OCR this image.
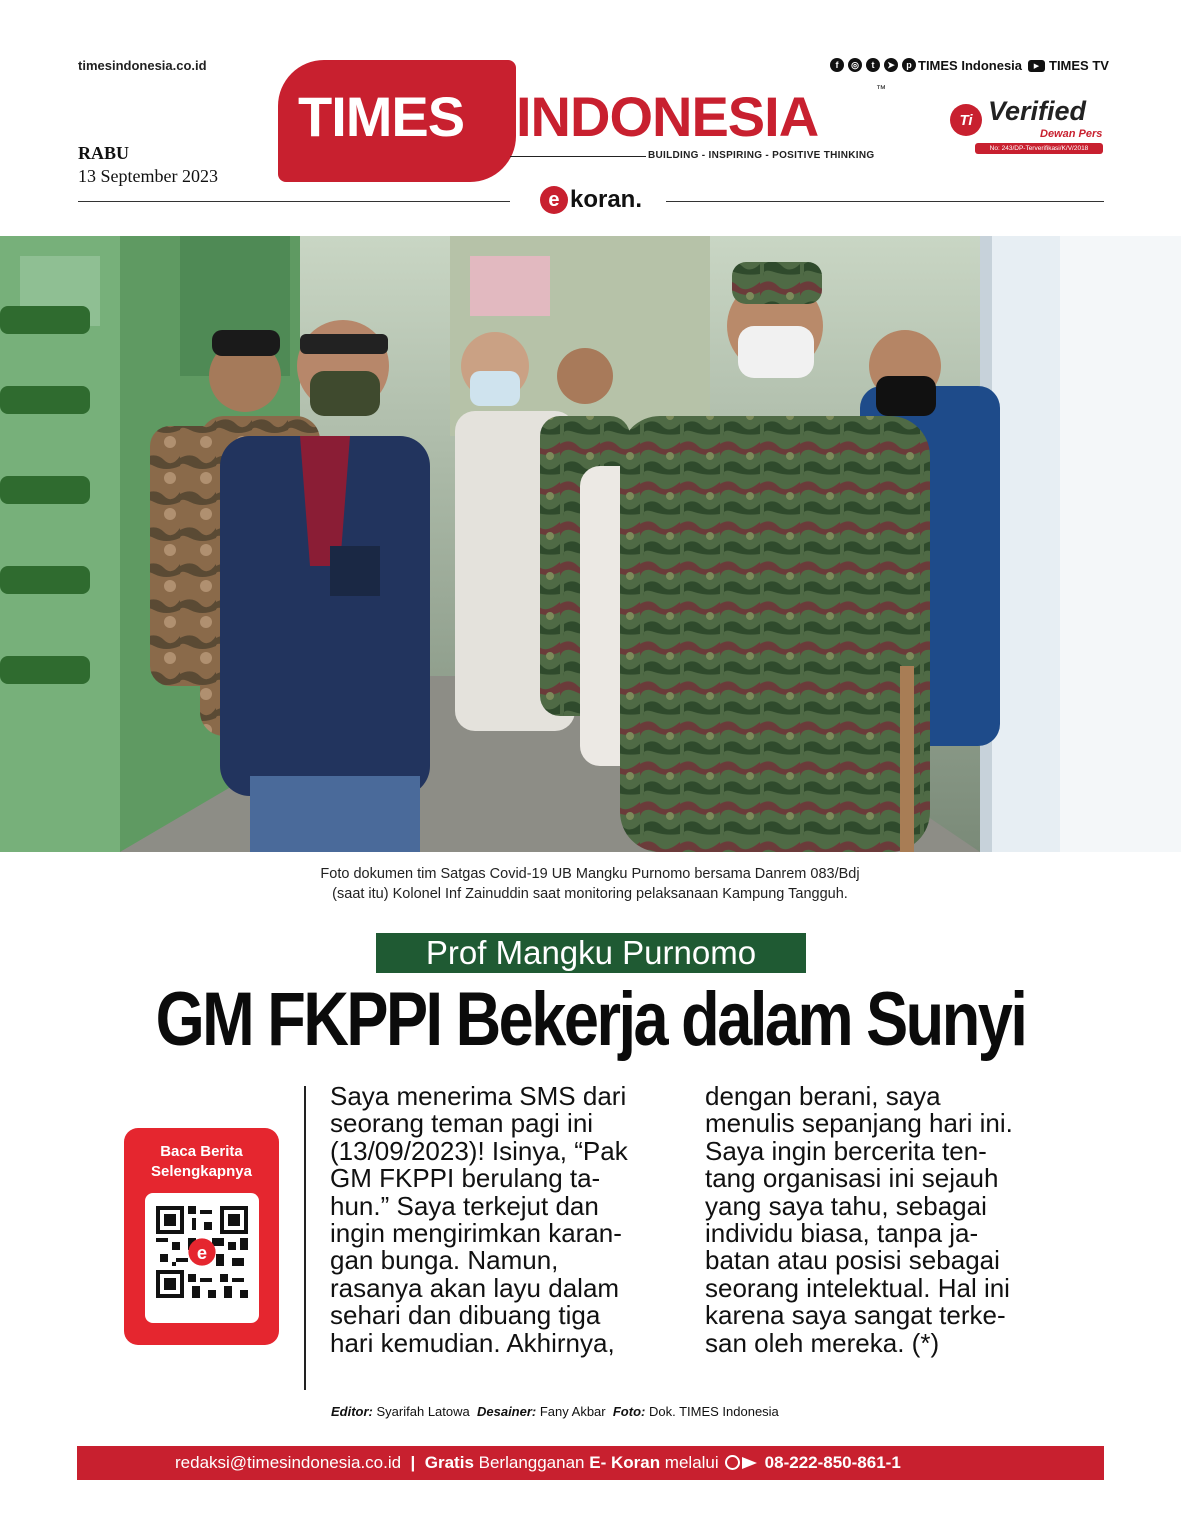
timesindonesia.co.id
RABU
13 September 2023
TIMES INDONESIA	™
BUILDING - INSPIRING - POSITIVE THINKING
e koran.
f	◎	t	➤	p TIMES Indonesia	▶ TIMES TV
Ti Verified
Dewan Pers
No: 243/DP-Terverifikasi/K/V/2018
Foto dokumen tim Satgas Covid-19 UB Mangku Purnomo bersama Danrem 083/Bdj
(saat itu) Kolonel Inf Zainuddin saat monitoring pelaksanaan Kampung Tangguh.
Prof Mangku Purnomo
GM FKPPI Bekerja dalam Sunyi
Baca Berita
Selengkapnya
e
Saya menerima SMS dari
seorang teman pagi ini
(13/09/2023)! Isinya, “Pak
GM FKPPI berulang ta-
hun.” Saya terkejut dan
ingin mengirimkan karan-
gan bunga. Namun,
rasanya akan layu dalam
sehari dan dibuang tiga
hari kemudian. Akhirnya,
dengan berani, saya
menulis sepanjang hari ini.
Saya ingin bercerita ten-
tang organisasi ini sejauh
yang saya tahu, sebagai
individu biasa, tanpa ja-
batan atau posisi sebagai
seorang intelektual. Hal ini
karena saya sangat terke-
san oleh mereka. (*)
Editor: Syarifah Latowa Desainer: Fany Akbar Foto: Dok. TIMES Indonesia
redaksi@timesindonesia.co.id | Gratis Berlangganan E- Koran melalui	08-222-850-861-1
